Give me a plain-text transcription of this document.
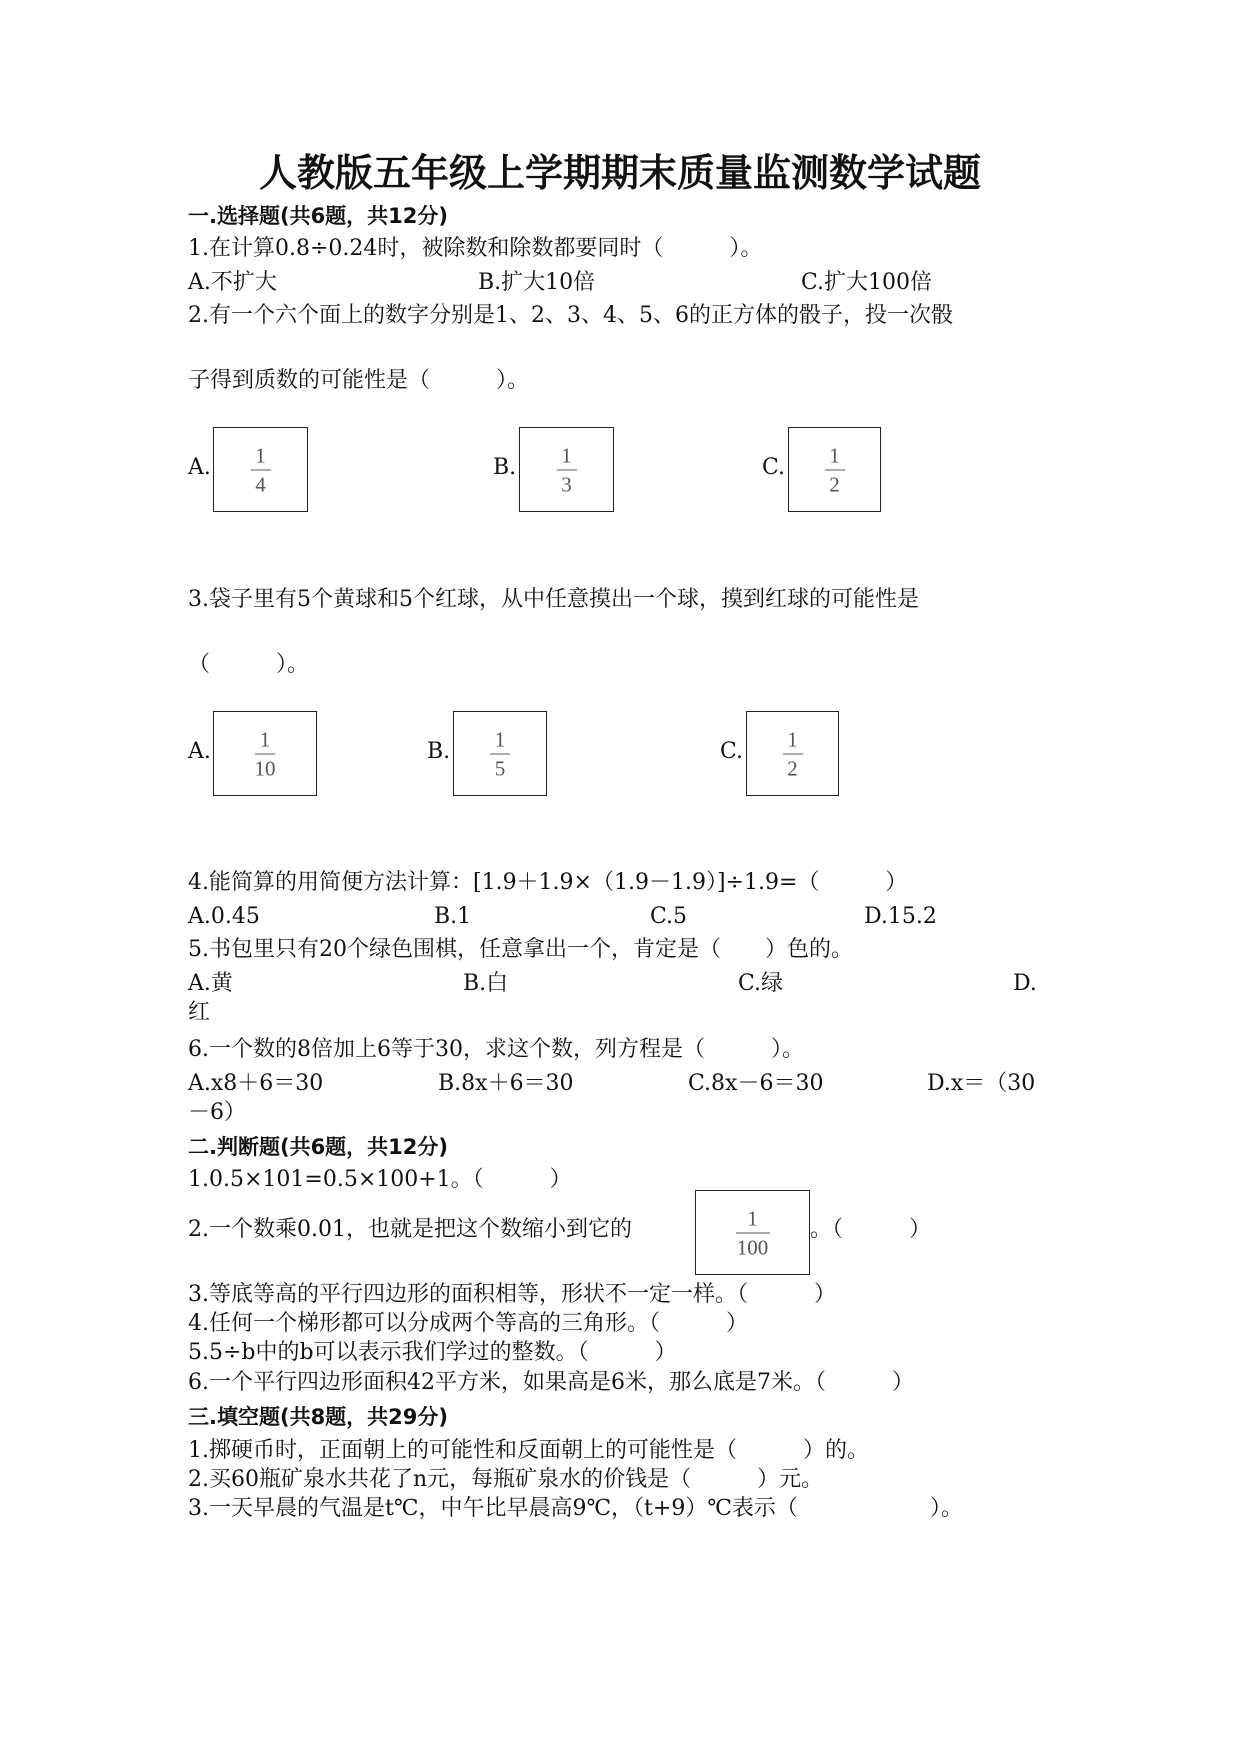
人教版五年级上学期期末质量监测数学试题
一.选择题(共6题，共12分)
1.在计算0.8÷0.24时，被除数和除数都要同时（　　　）。
A.不扩大	B.扩大10倍	C.扩大100倍
2.有一个六个面上的数字分别是1、2、3、4、5、6的正方体的骰子，投一次骰
子得到质数的可能性是（　　　）。
A. 1
4
B. 1
3
C. 1
2
3.袋子里有5个黄球和5个红球，从中任意摸出一个球，摸到红球的可能性是
（　　　）。
A. 1
10
B. 1
5
C. 1
2
4.能简算的用简便方法计算：[1.9＋1.9×（1.9－1.9）]÷1.9=（　　　）
A.0.45	B.1	C.5	D.15.2
5.书包里只有20个绿色围棋，任意拿出一个，肯定是（　　）色的。
A.黄	B.白	C.绿	D.
红
6.一个数的8倍加上6等于30，求这个数，列方程是（　　　）。
A.x8＋6＝30	B.8x＋6＝30	C.8x－6＝30	D.x＝（30
－6）
二.判断题(共6题，共12分)
1.0.5×101=0.5×100+1。（　　　）
2.一个数乘0.01，也就是把这个数缩小到它的	1
100
。（　　　）
3.等底等高的平行四边形的面积相等，形状不一定一样。（　　　）
4.任何一个梯形都可以分成两个等高的三角形。（　　　）
5.5÷b中的b可以表示我们学过的整数。（　　　）
6.一个平行四边形面积42平方米，如果高是6米，那么底是7米。（　　　）
三.填空题(共8题，共29分)
1.掷硬币时，正面朝上的可能性和反面朝上的可能性是（　　　）的。
2.买60瓶矿泉水共花了n元，每瓶矿泉水的价钱是（　　　）元。
3.一天早晨的气温是t℃，中午比早晨高9℃，（t+9）℃表示（　　　　　　）。
